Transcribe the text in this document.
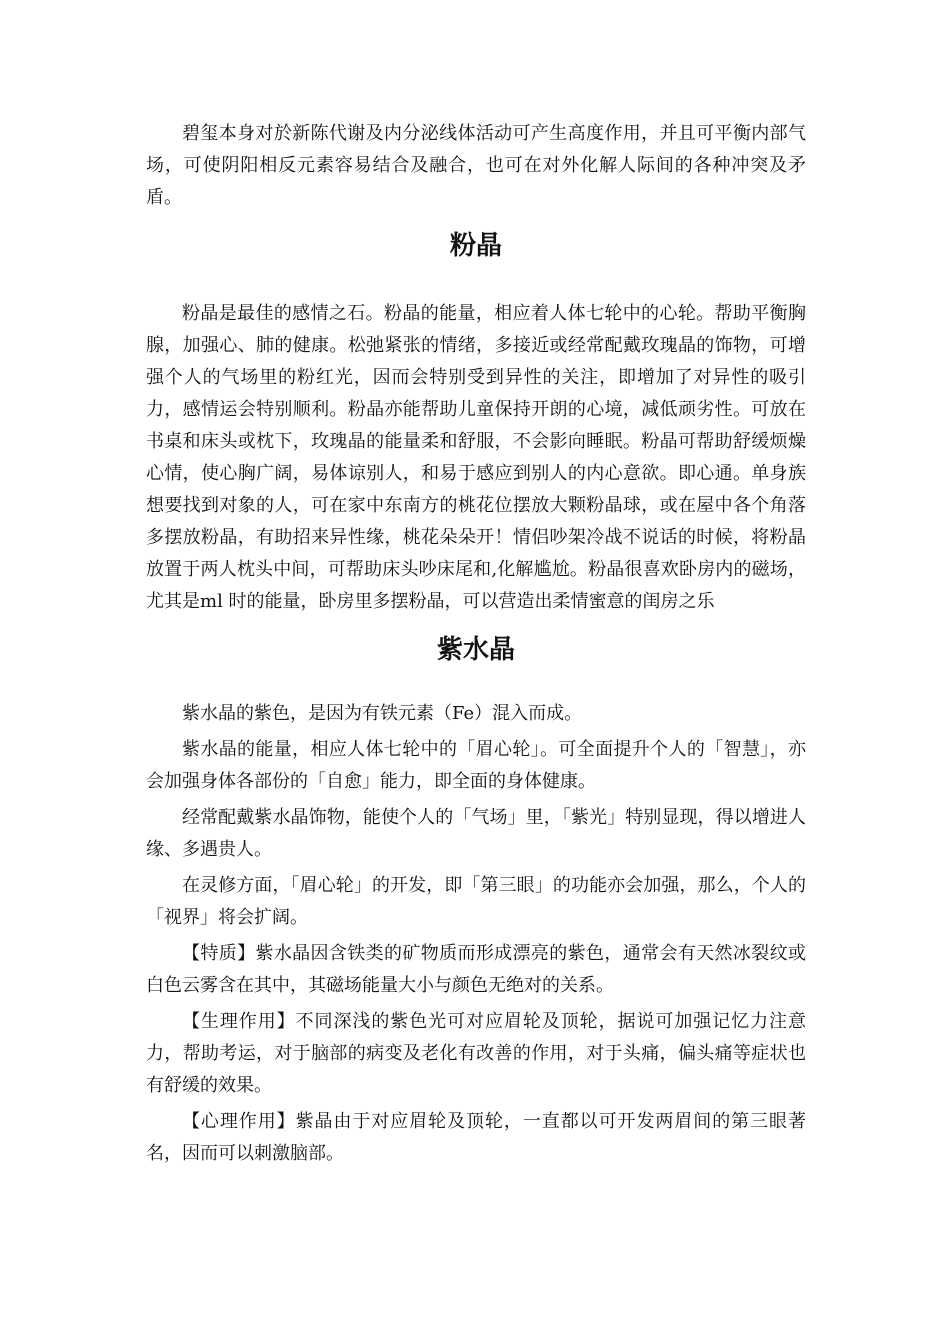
碧玺本身对於新陈代谢及内分泌线体活动可产生高度作用，并且可平衡内部气场，可使阴阳相反元素容易结合及融合，也可在对外化解人际间的各种冲突及矛盾。

粉晶

粉晶是最佳的感情之石。粉晶的能量，相应着人体七轮中的心轮。帮助平衡胸腺，加强心、肺的健康。松弛紧张的情绪，多接近或经常配戴玫瑰晶的饰物，可增强个人的气场里的粉红光，因而会特别受到异性的关注，即增加了对异性的吸引力，感情运会特别顺利。粉晶亦能帮助儿童保持开朗的心境，减低顽劣性。可放在书桌和床头或枕下，玫瑰晶的能量柔和舒服，不会影向睡眠。粉晶可帮助舒缓烦燥心情，使心胸广阔，易体谅别人，和易于感应到别人的内心意欲。即心通。单身族想要找到对象的人，可在家中东南方的桃花位摆放大颗粉晶球，或在屋中各个角落多摆放粉晶，有助招来异性缘，桃花朵朵开！情侣吵架冷战不说话的时候，将粉晶放置于两人枕头中间，可帮助床头吵床尾和,化解尴尬。粉晶很喜欢卧房内的磁场，尤其是ml 时的能量，卧房里多摆粉晶，可以营造出柔情蜜意的闺房之乐

紫水晶

紫水晶的紫色，是因为有铁元素（Fe）混入而成。

紫水晶的能量，相应人体七轮中的「眉心轮」。可全面提升个人的「智慧」，亦会加强身体各部份的「自愈」能力，即全面的身体健康。

经常配戴紫水晶饰物，能使个人的「气场」里，「紫光」特别显现，得以增进人缘、多遇贵人。

在灵修方面，「眉心轮」的开发，即「第三眼」的功能亦会加强，那么，个人的「视界」将会扩阔。

【特质】紫水晶因含铁类的矿物质而形成漂亮的紫色，通常会有天然冰裂纹或白色云雾含在其中，其磁场能量大小与颜色无绝对的关系。

【生理作用】不同深浅的紫色光可对应眉轮及顶轮，据说可加强记忆力注意力，帮助考运，对于脑部的病变及老化有改善的作用，对于头痛，偏头痛等症状也有舒缓的效果。

【心理作用】紫晶由于对应眉轮及顶轮，一直都以可开发两眉间的第三眼著名，因而可以刺激脑部。
